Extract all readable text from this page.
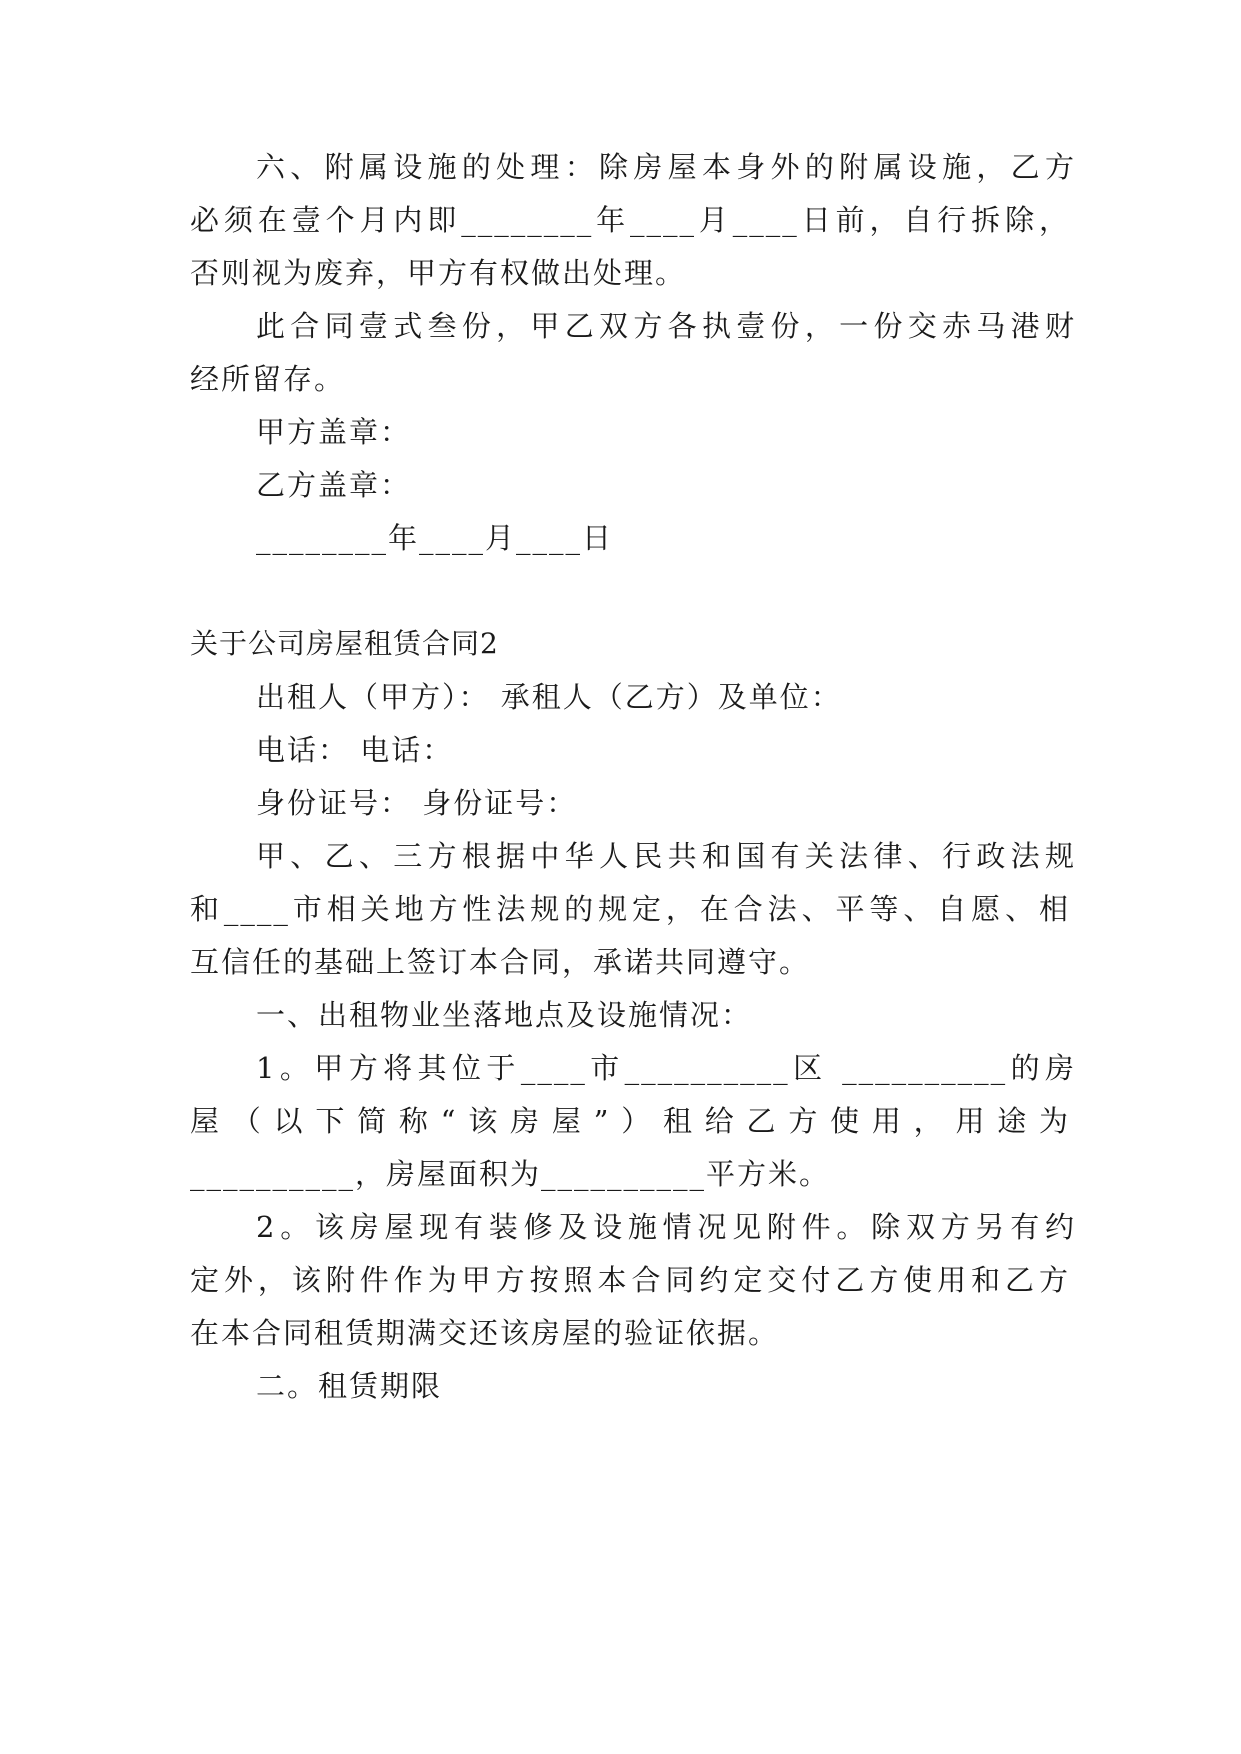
六、附属设施的处理：除房屋本身外的附属设施，乙方
必须在壹个月内即________年____月____日前，自行拆除，
否则视为废弃，甲方有权做出处理。
此合同壹式叁份，甲乙双方各执壹份，一份交赤马港财
经所留存。
甲方盖章：
乙方盖章：
________年____月____日
关于公司房屋租赁合同2
出租人（甲方）： 承租人（乙方）及单位：
电话： 电话：
身份证号： 身份证号：
甲、乙、三方根据中华人民共和国有关法律、行政法规
和____市相关地方性法规的规定，在合法、平等、自愿、相
互信任的基础上签订本合同，承诺共同遵守。
一、出租物业坐落地点及设施情况：
1。甲方将其位于____市__________区 __________的房
屋（以下简称“该房屋”）租给乙方使用，用途为
__________，房屋面积为__________平方米。
2。该房屋现有装修及设施情况见附件。除双方另有约
定外，该附件作为甲方按照本合同约定交付乙方使用和乙方
在本合同租赁期满交还该房屋的验证依据。
二。租赁期限
